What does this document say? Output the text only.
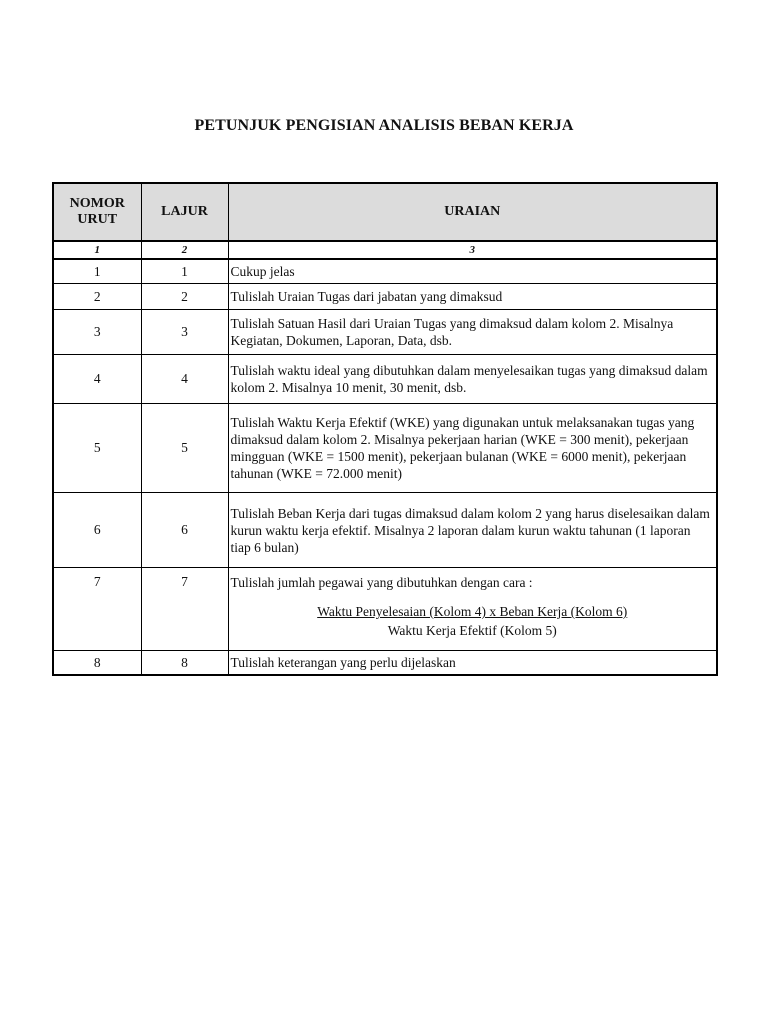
PETUNJUK PENGISIAN ANALISIS BEBAN KERJA
NOMOR
URUT	LAJUR	URAIAN
1	2	3
1	1	Cukup jelas
2	2	Tulislah Uraian Tugas dari jabatan yang dimaksud
3	3	Tulislah Satuan Hasil dari Uraian Tugas yang dimaksud dalam kolom 2. Misalnya Kegiatan, Dokumen, Laporan, Data, dsb.
4	4	Tulislah waktu ideal yang dibutuhkan dalam menyelesaikan tugas yang dimaksud dalam kolom 2. Misalnya 10 menit, 30 menit, dsb.
5	5	Tulislah Waktu Kerja Efektif (WKE) yang digunakan untuk melaksanakan tugas yang dimaksud dalam kolom 2. Misalnya pekerjaan harian (WKE = 300 menit), pekerjaan mingguan (WKE = 1500 menit), pekerjaan bulanan (WKE = 6000 menit), pekerjaan tahunan (WKE = 72.000 menit)
6	6	Tulislah Beban Kerja dari tugas dimaksud dalam kolom 2 yang harus diselesaikan dalam kurun waktu kerja efektif. Misalnya 2 laporan dalam kurun waktu tahunan (1 laporan tiap 6 bulan)
7	7	Tulislah jumlah pegawai yang dibutuhkan dengan cara :
Waktu Penyelesaian (Kolom 4) x Beban Kerja (Kolom 6)
Waktu Kerja Efektif (Kolom 5)

8	8	Tulislah keterangan yang perlu dijelaskan
